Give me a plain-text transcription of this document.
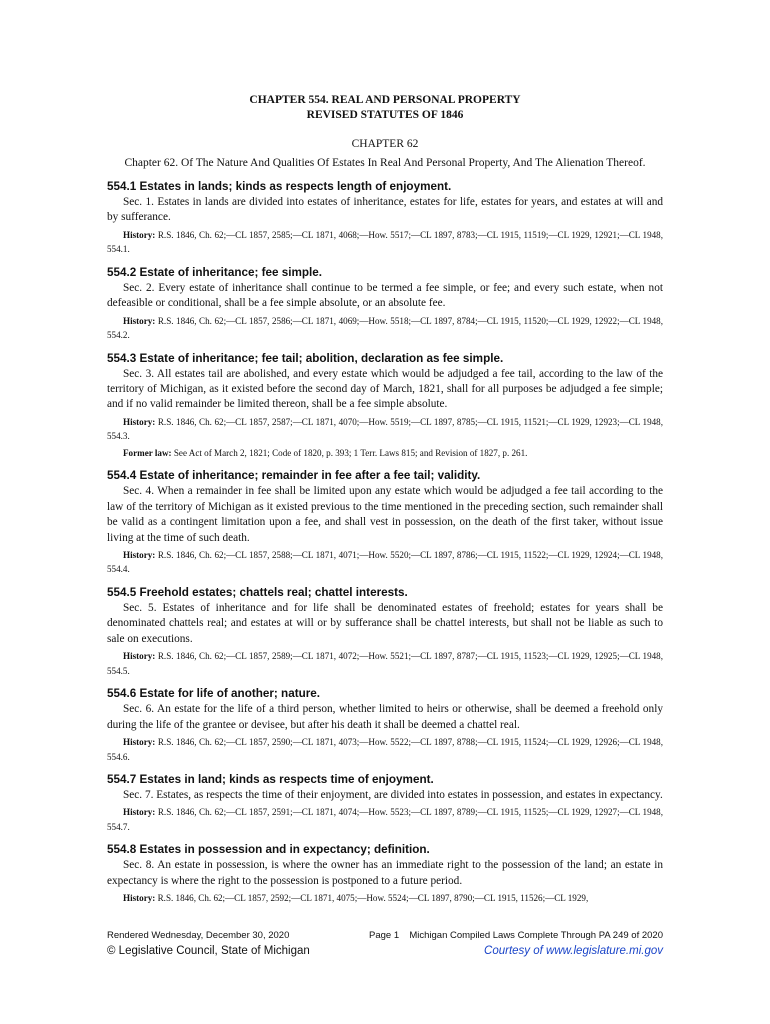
CHAPTER 554. REAL AND PERSONAL PROPERTY
REVISED STATUTES OF 1846
CHAPTER 62
Chapter 62. Of The Nature And Qualities Of Estates In Real And Personal Property, And The Alienation Thereof.
554.1 Estates in lands; kinds as respects length of enjoyment.
Sec. 1. Estates in lands are divided into estates of inheritance, estates for life, estates for years, and estates at will and by sufferance.
History: R.S. 1846, Ch. 62;—CL 1857, 2585;—CL 1871, 4068;—How. 5517;—CL 1897, 8783;—CL 1915, 11519;—CL 1929, 12921;—CL 1948, 554.1.
554.2 Estate of inheritance; fee simple.
Sec. 2. Every estate of inheritance shall continue to be termed a fee simple, or fee; and every such estate, when not defeasible or conditional, shall be a fee simple absolute, or an absolute fee.
History: R.S. 1846, Ch. 62;—CL 1857, 2586;—CL 1871, 4069;—How. 5518;—CL 1897, 8784;—CL 1915, 11520;—CL 1929, 12922;—CL 1948, 554.2.
554.3 Estate of inheritance; fee tail; abolition, declaration as fee simple.
Sec. 3. All estates tail are abolished, and every estate which would be adjudged a fee tail, according to the law of the territory of Michigan, as it existed before the second day of March, 1821, shall for all purposes be adjudged a fee simple; and if no valid remainder be limited thereon, shall be a fee simple absolute.
History: R.S. 1846, Ch. 62;—CL 1857, 2587;—CL 1871, 4070;—How. 5519;—CL 1897, 8785;—CL 1915, 11521;—CL 1929, 12923;—CL 1948, 554.3.
Former law: See Act of March 2, 1821; Code of 1820, p. 393; 1 Terr. Laws 815; and Revision of 1827, p. 261.
554.4 Estate of inheritance; remainder in fee after a fee tail; validity.
Sec. 4. When a remainder in fee shall be limited upon any estate which would be adjudged a fee tail according to the law of the territory of Michigan as it existed previous to the time mentioned in the preceding section, such remainder shall be valid as a contingent limitation upon a fee, and shall vest in possession, on the death of the first taker, without issue living at the time of such death.
History: R.S. 1846, Ch. 62;—CL 1857, 2588;—CL 1871, 4071;—How. 5520;—CL 1897, 8786;—CL 1915, 11522;—CL 1929, 12924;—CL 1948, 554.4.
554.5 Freehold estates; chattels real; chattel interests.
Sec. 5. Estates of inheritance and for life shall be denominated estates of freehold; estates for years shall be denominated chattels real; and estates at will or by sufferance shall be chattel interests, but shall not be liable as such to sale on executions.
History: R.S. 1846, Ch. 62;—CL 1857, 2589;—CL 1871, 4072;—How. 5521;—CL 1897, 8787;—CL 1915, 11523;—CL 1929, 12925;—CL 1948, 554.5.
554.6 Estate for life of another; nature.
Sec. 6. An estate for the life of a third person, whether limited to heirs or otherwise, shall be deemed a freehold only during the life of the grantee or devisee, but after his death it shall be deemed a chattel real.
History: R.S. 1846, Ch. 62;—CL 1857, 2590;—CL 1871, 4073;—How. 5522;—CL 1897, 8788;—CL 1915, 11524;—CL 1929, 12926;—CL 1948, 554.6.
554.7 Estates in land; kinds as respects time of enjoyment.
Sec. 7. Estates, as respects the time of their enjoyment, are divided into estates in possession, and estates in expectancy.
History: R.S. 1846, Ch. 62;—CL 1857, 2591;—CL 1871, 4074;—How. 5523;—CL 1897, 8789;—CL 1915, 11525;—CL 1929, 12927;—CL 1948, 554.7.
554.8 Estates in possession and in expectancy; definition.
Sec. 8. An estate in possession, is where the owner has an immediate right to the possession of the land; an estate in expectancy is where the right to the possession is postponed to a future period.
History: R.S. 1846, Ch. 62;—CL 1857, 2592;—CL 1871, 4075;—How. 5524;—CL 1897, 8790;—CL 1915, 11526;—CL 1929,
Rendered Wednesday, December 30, 2020	Page 1 Michigan Compiled Laws Complete Through PA 249 of 2020
© Legislative Council, State of Michigan	Courtesy of www.legislature.mi.gov
